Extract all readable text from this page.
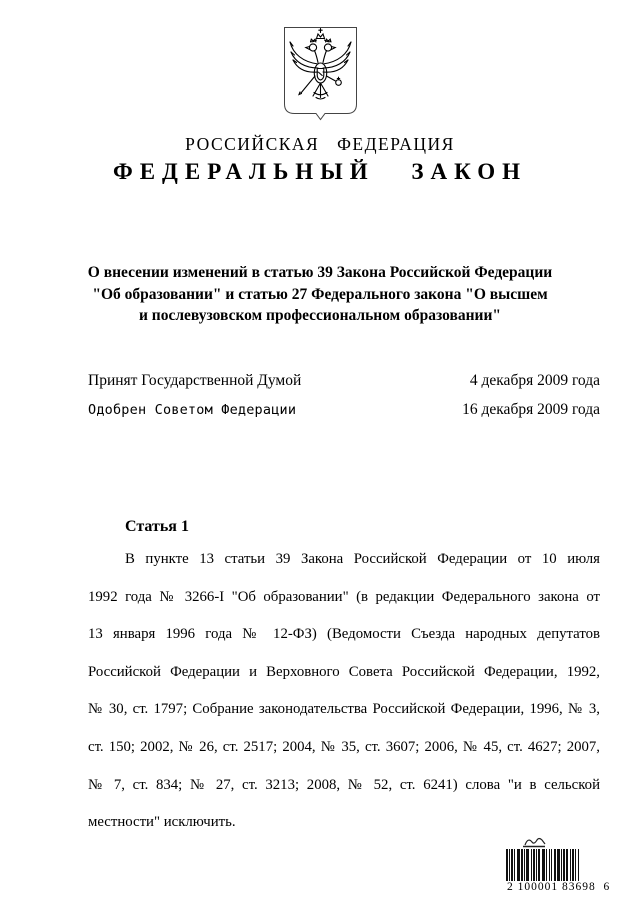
РОССИЙСКАЯ ФЕДЕРАЦИЯ
ФЕДЕРАЛЬНЫЙ ЗАКОН
О внесении изменений в статью 39 Закона Российской Федерации
"Об образовании" и статью 27 Федерального закона "О высшем
и послевузовском профессиональном образовании"
Принят Государственной Думой	4 декабря 2009 года
Одобрен Советом Федерации	16 декабря 2009 года
Статья 1
В пункте 13 статьи 39 Закона Российской Федерации от 10 июля
1992 года № 3266-I "Об образовании" (в редакции Федерального закона от
13 января 1996 года № 12-ФЗ) (Ведомости Съезда народных депутатов
Российской Федерации и Верховного Совета Российской Федерации, 1992,
№ 30, ст. 1797; Собрание законодательства Российской Федерации, 1996, № 3,
ст. 150; 2002, № 26, ст. 2517; 2004, № 35, ст. 3607; 2006, № 45, ст. 4627; 2007,
№ 7, ст. 834; № 27, ст. 3213; 2008, № 52, ст. 6241) слова "и в сельской
местности" исключить.
2 100001 83698  6
